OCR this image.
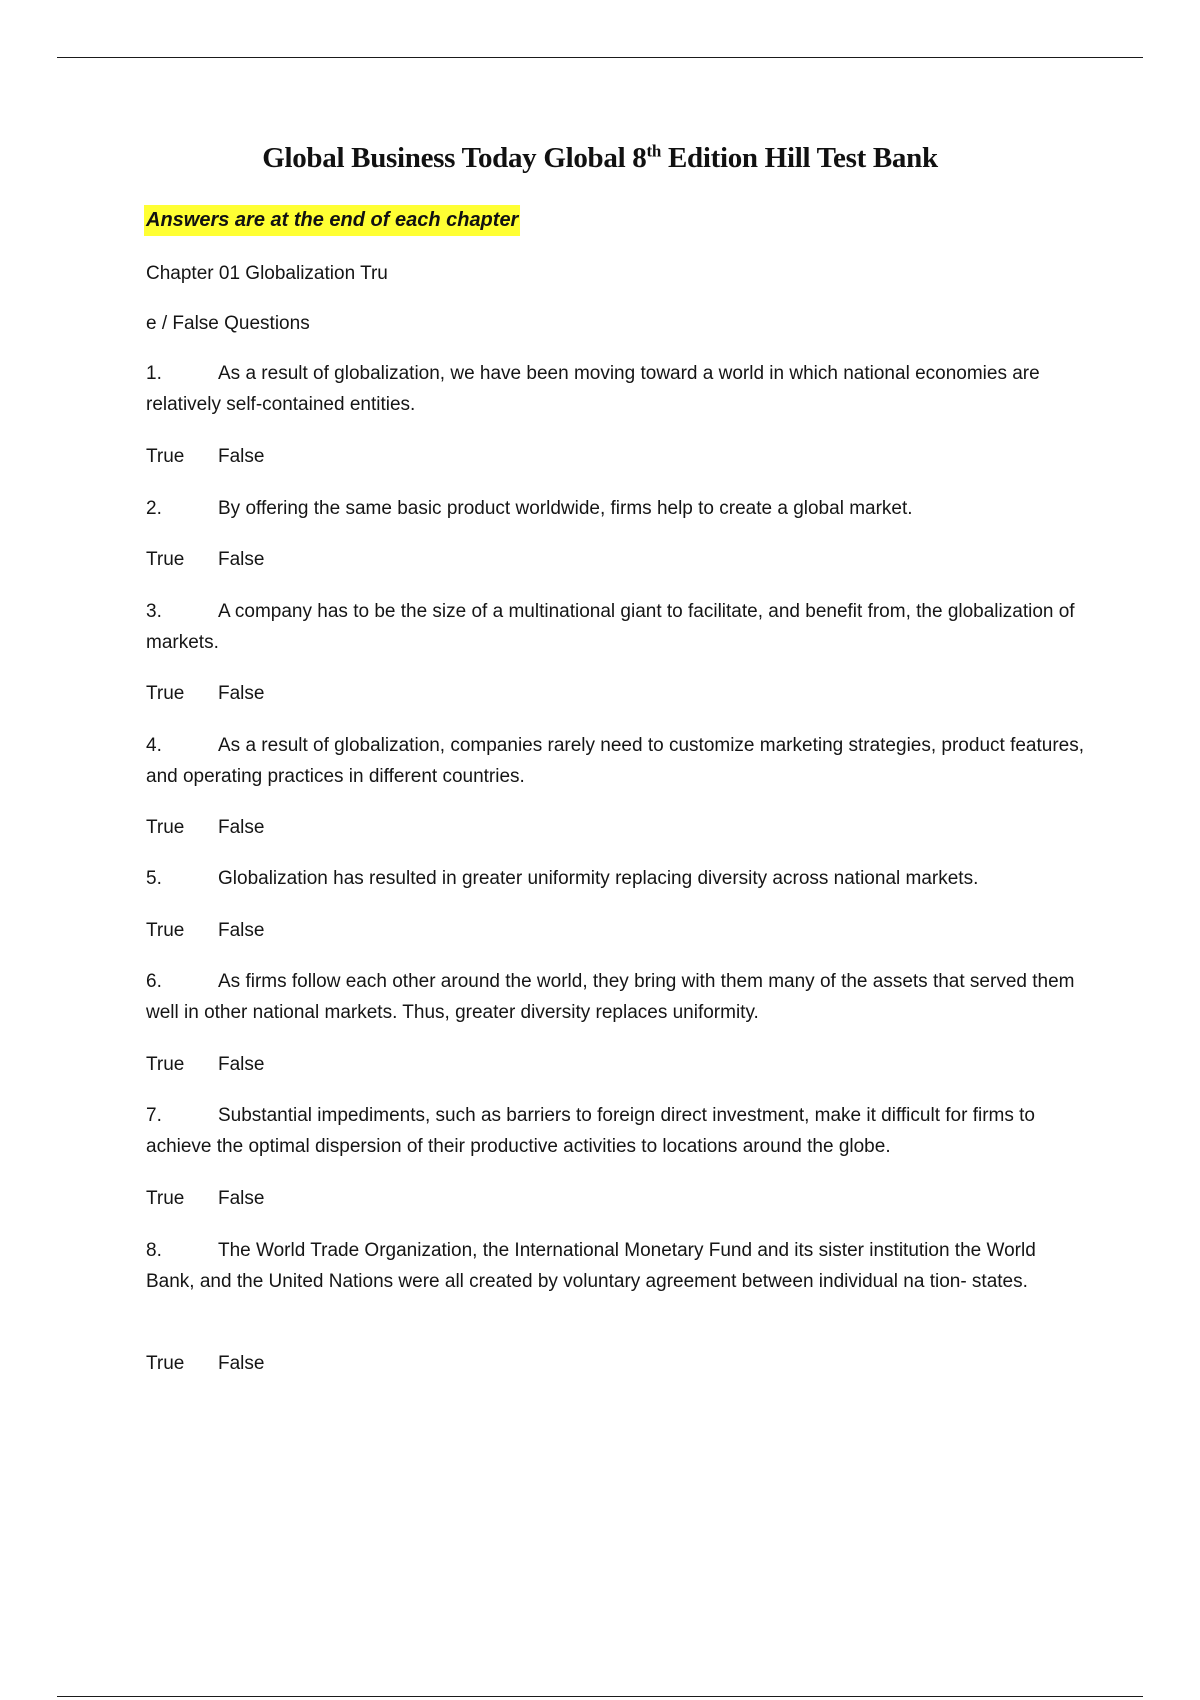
Global Business Today Global 8th Edition Hill Test Bank
Answers are at the end of each chapter
Chapter 01 Globalization Tru
e / False Questions
1.	As a result of globalization, we have been moving toward a world in which national economies are relatively self-contained entities.
True False
2.	By offering the same basic product worldwide, firms help to create a global market.
True False
3.	A company has to be the size of a multinational giant to facilitate, and benefit from, the globalization of markets.
True False
4.	As a result of globalization, companies rarely need to customize marketing strategies, product features, and operating practices in different countries.
True False
5.	Globalization has resulted in greater uniformity replacing diversity across national markets.
True False
6.	As firms follow each other around the world, they bring with them many of the assets that served them well in other national markets. Thus, greater diversity replaces uniformity.
True False
7.	Substantial impediments, such as barriers to foreign direct investment, make it difficult for firms to achieve the optimal dispersion of their productive activities to locations around the globe.
True False
8.	The World Trade Organization, the International Monetary Fund and its sister institution the World Bank, and the United Nations were all created by voluntary agreement between individual na tion- states.
True False
